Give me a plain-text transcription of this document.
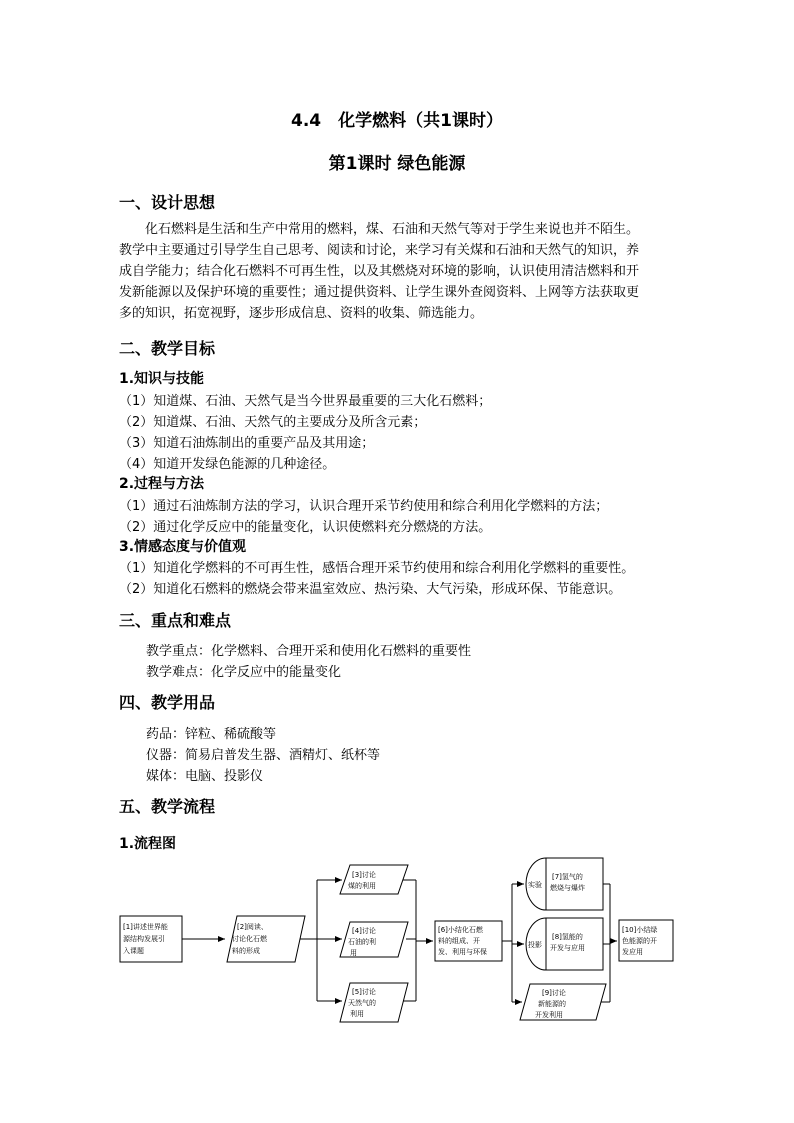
4.4　化学燃料（共1课时）
第1课时 绿色能源
一、设计思想
　　化石燃料是生活和生产中常用的燃料，煤、石油和天然气等对于学生来说也并不陌生。
教学中主要通过引导学生自己思考、阅读和讨论，来学习有关煤和石油和天然气的知识，养
成自学能力；结合化石燃料不可再生性，以及其燃烧对环境的影响，认识使用清洁燃料和开
发新能源以及保护环境的重要性；通过提供资料、让学生课外查阅资料、上网等方法获取更
多的知识，拓宽视野，逐步形成信息、资料的收集、筛选能力。
二、教学目标
1.知识与技能
（1）知道煤、石油、天然气是当今世界最重要的三大化石燃料；
（2）知道煤、石油、天然气的主要成分及所含元素；
（3）知道石油炼制出的重要产品及其用途；
（4）知道开发绿色能源的几种途径。
2.过程与方法
（1）通过石油炼制方法的学习，认识合理开采节约使用和综合利用化学燃料的方法；
（2）通过化学反应中的能量变化，认识使燃料充分燃烧的方法。
3.情感态度与价值观
（1）知道化学燃料的不可再生性，感悟合理开采节约使用和综合利用化学燃料的重要性。
（2）知道化石燃料的燃烧会带来温室效应、热污染、大气污染，形成环保、节能意识。
三、重点和难点
教学重点：化学燃料、合理开采和使用化石燃料的重要性
教学难点：化学反应中的能量变化
四、教学用品
药品：锌粒、稀硫酸等
仪器：简易启普发生器、酒精灯、纸杯等
媒体：电脑、投影仪
五、教学流程
1.流程图
[1]讲述世界能 源结构发展引 入课题
[2]阅读、 讨论化石燃 料的形成
[3]讨论 煤的利用
[4]讨论 石油的利 用
[5]讨论 天然气的 利用
[6]小结化石燃 料的组成、开 发、利用与环保
实验
[7]氢气的 燃烧与爆炸
投影
[8]氢能的 开发与应用
[9]讨论 新能源的 开发利用
[10]小结绿 色能源的开 发应用
